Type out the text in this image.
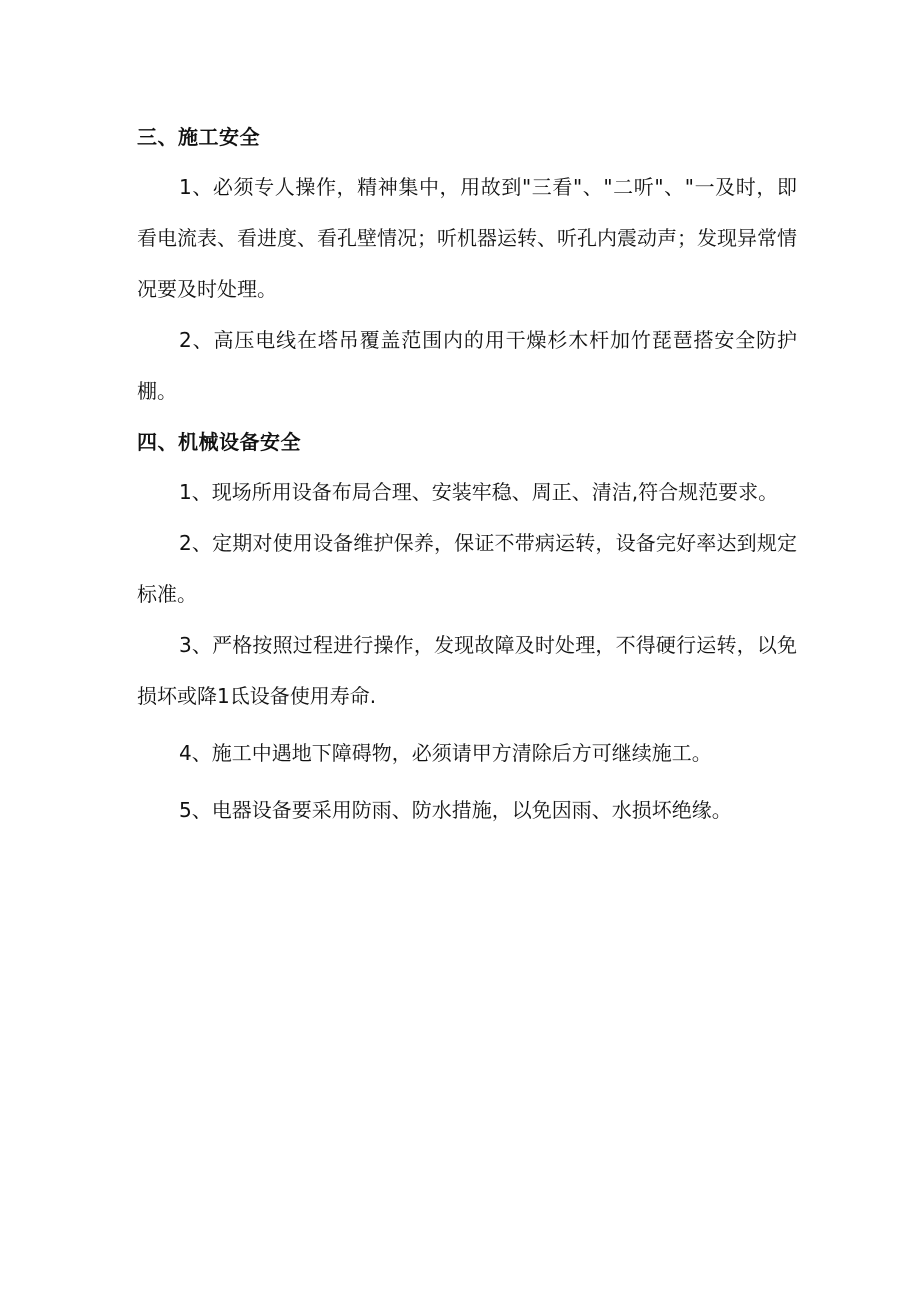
三、施工安全

1、必须专人操作，精神集中，用故到"三看"、"二听"、"一及时，即看电流表、看进度、看孔壁情况；听机器运转、听孔内震动声；发现异常情况要及时处理。

2、高压电线在塔吊覆盖范围内的用干燥杉木杆加竹琵琶搭安全防护棚。

四、机械设备安全

1、现场所用设备布局合理、安装牢稳、周正、清洁,符合规范要求。

2、定期对使用设备维护保养，保证不带病运转，设备完好率达到规定标准。

3、严格按照过程进行操作，发现故障及时处理，不得硬行运转，以免损坏或降1氐设备使用寿命.

4、施工中遇地下障碍物，必须请甲方清除后方可继续施工。

5、电器设备要采用防雨、防水措施，以免因雨、水损坏绝缘。
